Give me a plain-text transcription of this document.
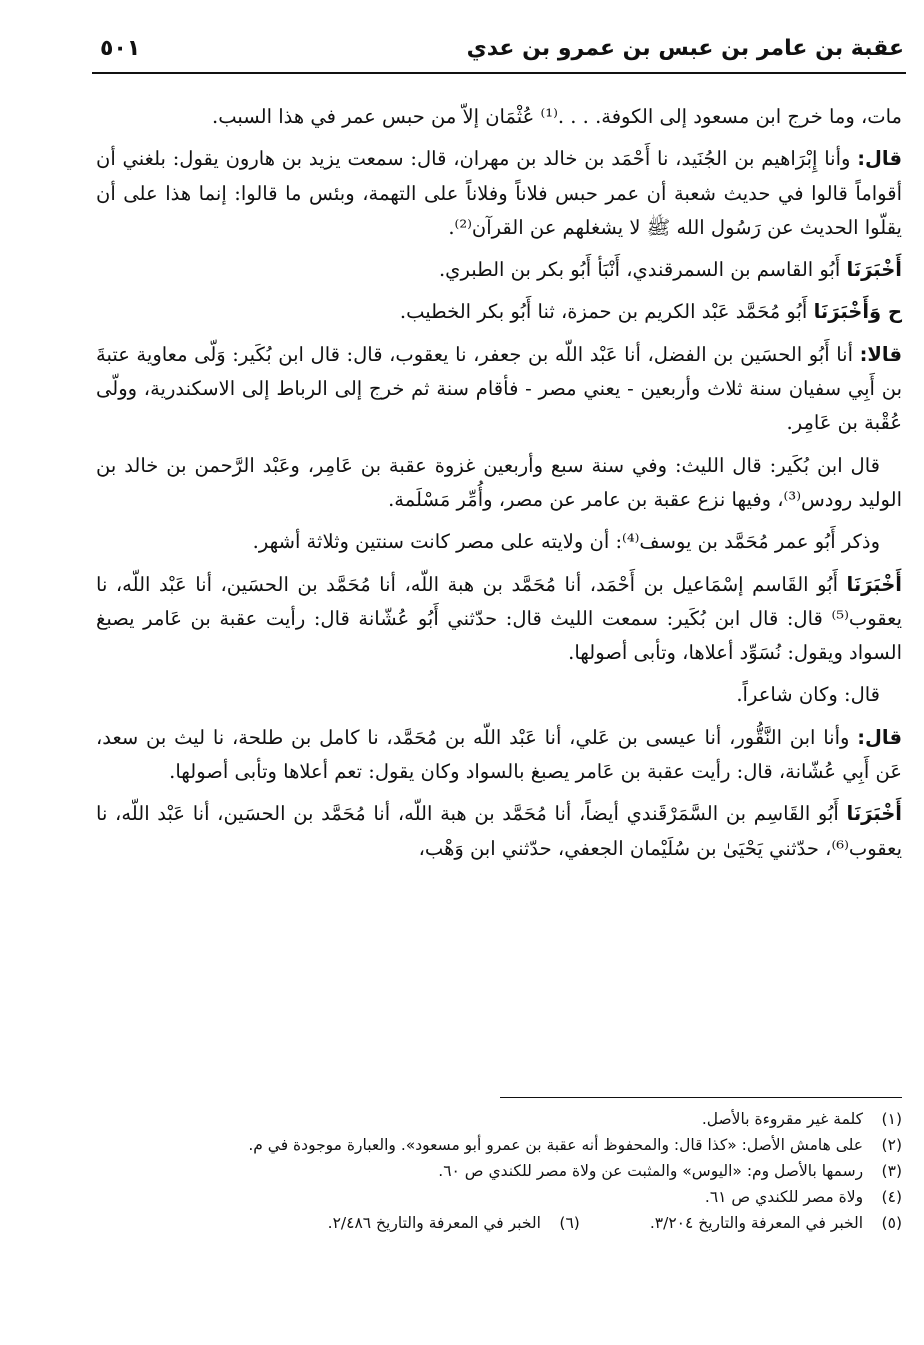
عقبة بن عامر بن عبس بن عمرو بن عدي
٥٠١

مات، وما خرج ابن مسعود إلى الكوفة. . . .⁽¹⁾ عُثْمَان إلاّ من حبس عمر في هذا السبب.

قال: وأنا إِبْرَاهيم بن الجُنَيد، نا أَحْمَد بن خالد بن مهران، قال: سمعت يزيد بن هارون يقول: بلغني أن أقواماً قالوا في حديث شعبة أن عمر حبس فلاناً وفلاناً على التهمة، وبئس ما قالوا: إنما هذا على أن يقلّوا الحديث عن رَسُول الله ﷺ لا يشغلهم عن القرآن⁽²⁾.

أَخْبَرَنَا أَبُو القاسم بن السمرقندي، أَنْبَأ أَبُو بكر بن الطبري.

ح وَأَخْبَرَنَا أَبُو مُحَمَّد عَبْد الكريم بن حمزة، ثنا أَبُو بكر الخطيب.

قالا: أنا أَبُو الحسَين بن الفضل، أنا عَبْد اللّه بن جعفر، نا يعقوب، قال: قال ابن بُكَير: وَلّى معاوية عتبةَ بن أَبِي سفيان سنة ثلاث وأربعين - يعني مصر - فأقام سنة ثم خرج إلى الرباط إلى الاسكندرية، وولّى عُقْبة بن عَامِر.

قال ابن بُكَير: قال الليث: وفي سنة سبع وأربعين غزوة عقبة بن عَامِر، وعَبْد الرَّحمن بن خالد بن الوليد رودس⁽³⁾، وفيها نزع عقبة بن عامر عن مصر، وأُمِّر مَسْلَمة.

وذكر أَبُو عمر مُحَمَّد بن يوسف⁽⁴⁾: أن ولايته على مصر كانت سنتين وثلاثة أشهر.

أَخْبَرَنَا أَبُو القَاسم إسْمَاعيل بن أَحْمَد، أنا مُحَمَّد بن هبة اللّه، أنا مُحَمَّد بن الحسَين، أنا عَبْد اللّه، نا يعقوب⁽⁵⁾ قال: قال ابن بُكَير: سمعت الليث قال: حدّثني أَبُو عُشّانة قال: رأيت عقبة بن عَامر يصبغ السواد ويقول: نُسَوِّد أعلاها، وتأبى أصولها.

قال: وكان شاعراً.

قال: وأنا ابن النَّقُّور، أنا عيسى بن عَلي، أنا عَبْد اللّه بن مُحَمَّد، نا كامل بن طلحة، نا ليث بن سعد، عَن أَبِي عُشّانة، قال: رأيت عقبة بن عَامر يصبغ بالسواد وكان يقول: تعم أعلاها وتأبى أصولها.

أَخْبَرَنَا أَبُو القَاسِم بن السَّمَرْقَندي أيضاً، أنا مُحَمَّد بن هبة اللّه، أنا مُحَمَّد بن الحسَين، أنا عَبْد اللّه، نا يعقوب⁽⁶⁾، حدّثني يَحْيَىٰ بن سُلَيْمان الجعفي، حدّثني ابن وَهْب،

(١) كلمة غير مقروءة بالأصل.
(٢) على هامش الأصل: «كذا قال: والمحفوظ أنه عقبة بن عمرو أبو مسعود». والعبارة موجودة في م.
(٣) رسمها بالأصل وم: «اليوس» والمثبت عن ولاة مصر للكندي ص ٦٠.
(٤) ولاة مصر للكندي ص ٦١.
(٥) الخبر في المعرفة والتاريخ ٣/٢٠٤.
(٦) الخبر في المعرفة والتاريخ ٢/٤٨٦.
